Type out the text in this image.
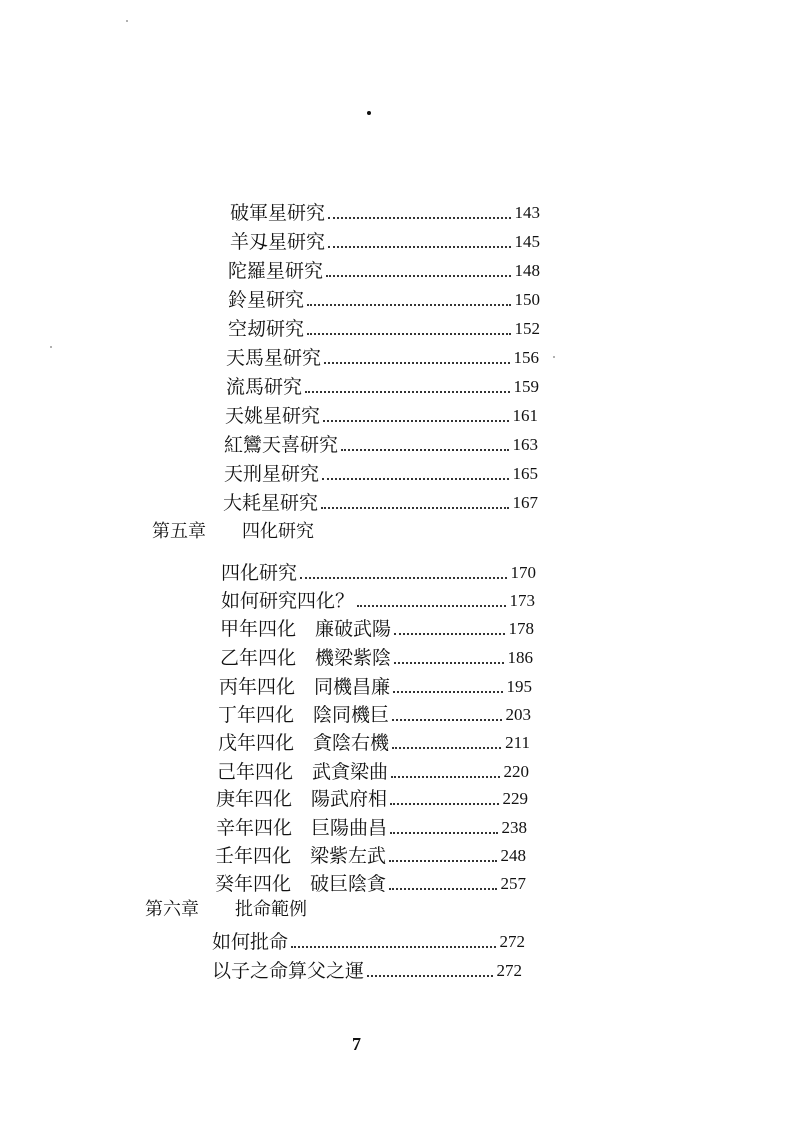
破軍星研究	143
羊刄星研究	145
陀羅星研究	148
鈴星研究	150
空刼研究	152
天馬星研究	156
流馬研究	159
天姚星研究	161
紅鸞天喜研究	163
天刑星研究	165
大耗星研究	167
第五章	四化研究
四化研究	170
如何研究四化？	173
甲年四化　廉破武陽	178
乙年四化　機梁紫陰	186
丙年四化　同機昌廉	195
丁年四化　陰同機巨	203
戊年四化　貪陰右機	211
己年四化　武貪梁曲	220
庚年四化　陽武府相	229
辛年四化　巨陽曲昌	238
壬年四化　梁紫左武	248
癸年四化　破巨陰貪	257
第六章	批命範例
如何批命	272
以子之命算父之運	272
7
